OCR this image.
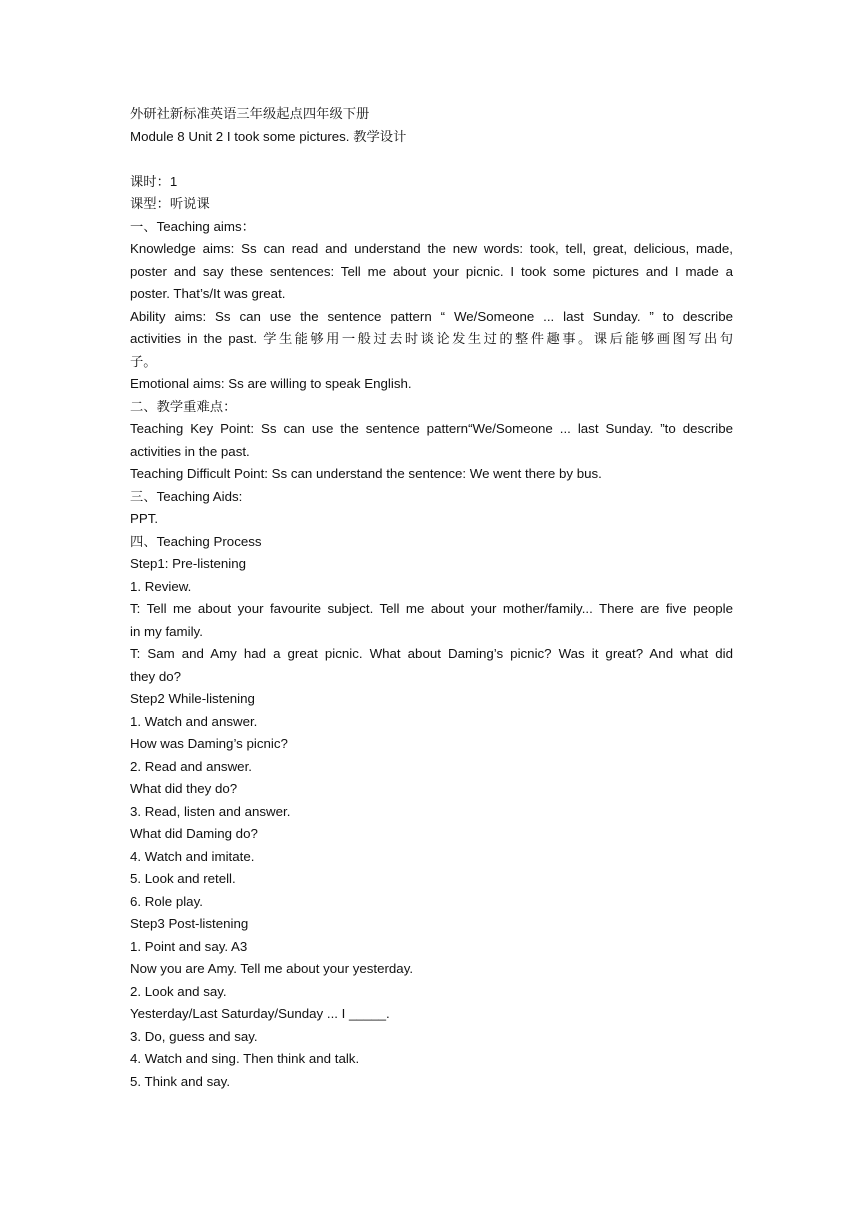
外研社新标准英语三年级起点四年级下册
Module 8 Unit 2 I took some pictures. 教学设计
课时：1
课型：听说课
一、Teaching aims：
Knowledge aims: Ss can read and understand the new words: took, tell, great, delicious, made,
poster and say these sentences: Tell me about your picnic. I took some pictures and I made a
poster. That’s/It was great.
Ability aims: Ss can use the sentence pattern “ We/Someone ... last Sunday. ” to describe
activities in the past. 学生能够用一般过去时谈论发生过的整件趣事。课后能够画图写出句
子。
Emotional aims: Ss are willing to speak English.
二、教学重难点：
Teaching Key Point: Ss can use the sentence pattern“We/Someone ... last Sunday. ”to describe
activities in the past.
Teaching Difficult Point: Ss can understand the sentence: We went there by bus.
三、Teaching Aids:
PPT.
四、Teaching Process
Step1: Pre-listening
1. Review.
T: Tell me about your favourite subject. Tell me about your mother/family... There are five people
in my family.
T: Sam and Amy had a great picnic. What about Daming’s picnic? Was it great? And what did
they do?
Step2 While-listening
1. Watch and answer.
How was Daming’s picnic?
2. Read and answer.
What did they do?
3. Read, listen and answer.
What did Daming do?
4. Watch and imitate.
5. Look and retell.
6. Role play.
Step3 Post-listening
1. Point and say. A3
Now you are Amy. Tell me about your yesterday.
2. Look and say.
Yesterday/Last Saturday/Sunday ... I _____.
3. Do, guess and say.
4. Watch and sing. Then think and talk.
5. Think and say.
